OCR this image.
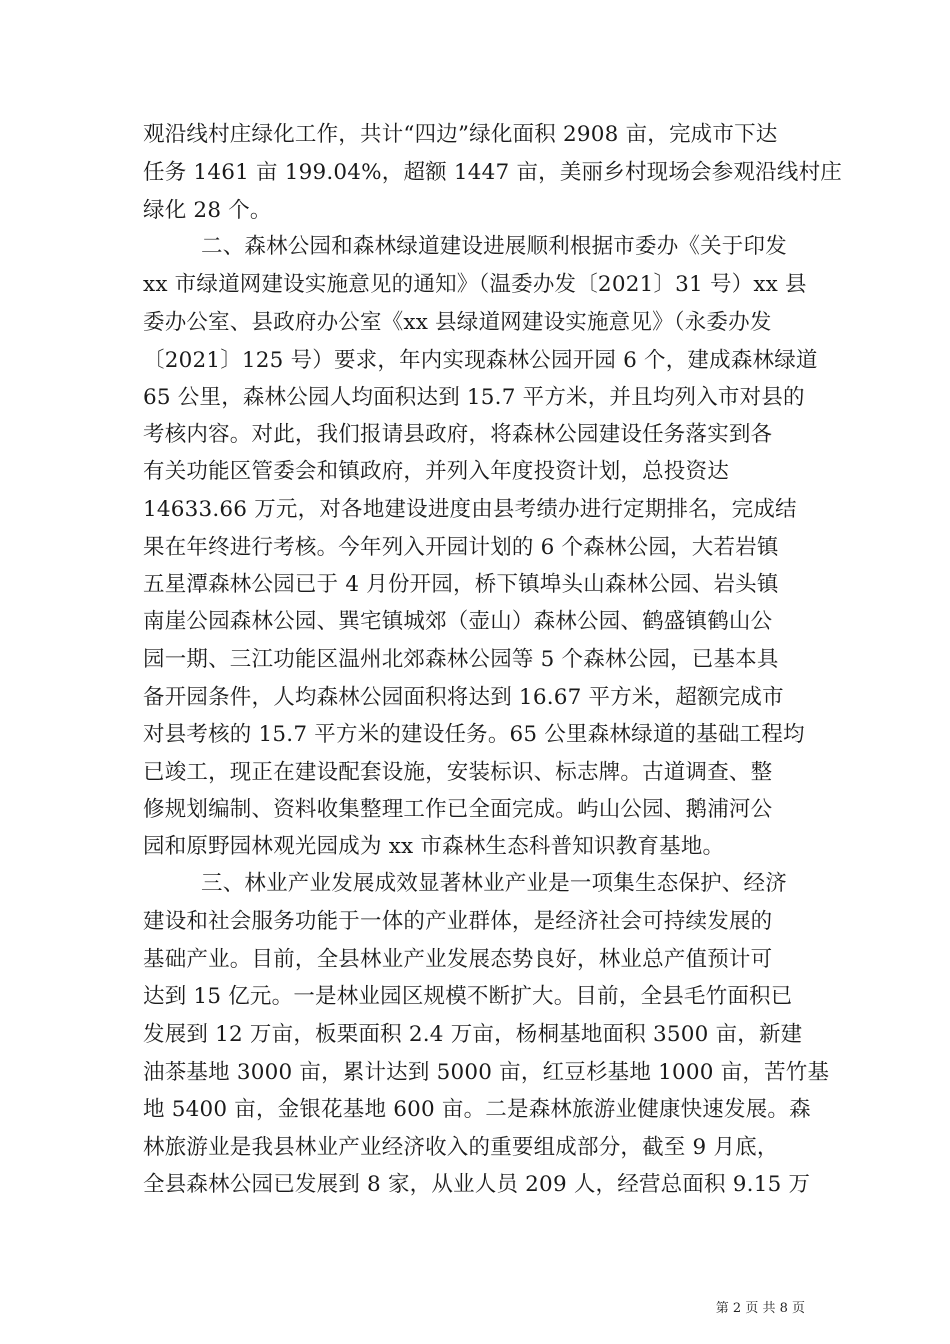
观沿线村庄绿化工作，共计“四边”绿化面积 2908 亩，完成市下达
任务 1461 亩 199.04%，超额 1447 亩，美丽乡村现场会参观沿线村庄
绿化 28 个。
二、森林公园和森林绿道建设进展顺利根据市委办《关于印发
xx 市绿道网建设实施意见的通知》（温委办发〔2021〕31 号）xx 县
委办公室、县政府办公室《xx 县绿道网建设实施意见》（永委办发
〔2021〕125 号）要求，年内实现森林公园开园 6 个，建成森林绿道
65 公里，森林公园人均面积达到 15.7 平方米，并且均列入市对县的
考核内容。对此，我们报请县政府，将森林公园建设任务落实到各
有关功能区管委会和镇政府，并列入年度投资计划，总投资达
14633.66 万元，对各地建设进度由县考绩办进行定期排名，完成结
果在年终进行考核。今年列入开园计划的 6 个森林公园，大若岩镇
五星潭森林公园已于 4 月份开园，桥下镇埠头山森林公园、岩头镇
南崖公园森林公园、巽宅镇城郊（壶山）森林公园、鹤盛镇鹤山公
园一期、三江功能区温州北郊森林公园等 5 个森林公园，已基本具
备开园条件，人均森林公园面积将达到 16.67 平方米，超额完成市
对县考核的 15.7 平方米的建设任务。65 公里森林绿道的基础工程均
已竣工，现正在建设配套设施，安装标识、标志牌。古道调查、整
修规划编制、资料收集整理工作已全面完成。屿山公园、鹅浦河公
园和原野园林观光园成为 xx 市森林生态科普知识教育基地。
三、林业产业发展成效显著林业产业是一项集生态保护、经济
建设和社会服务功能于一体的产业群体，是经济社会可持续发展的
基础产业。目前，全县林业产业发展态势良好，林业总产值预计可
达到 15 亿元。一是林业园区规模不断扩大。目前，全县毛竹面积已
发展到 12 万亩，板栗面积 2.4 万亩，杨桐基地面积 3500 亩，新建
油茶基地 3000 亩，累计达到 5000 亩，红豆杉基地 1000 亩，苦竹基
地 5400 亩，金银花基地 600 亩。二是森林旅游业健康快速发展。森
林旅游业是我县林业产业经济收入的重要组成部分，截至 9 月底，
全县森林公园已发展到 8 家，从业人员 209 人，经营总面积 9.15 万
第 2 页 共 8 页
